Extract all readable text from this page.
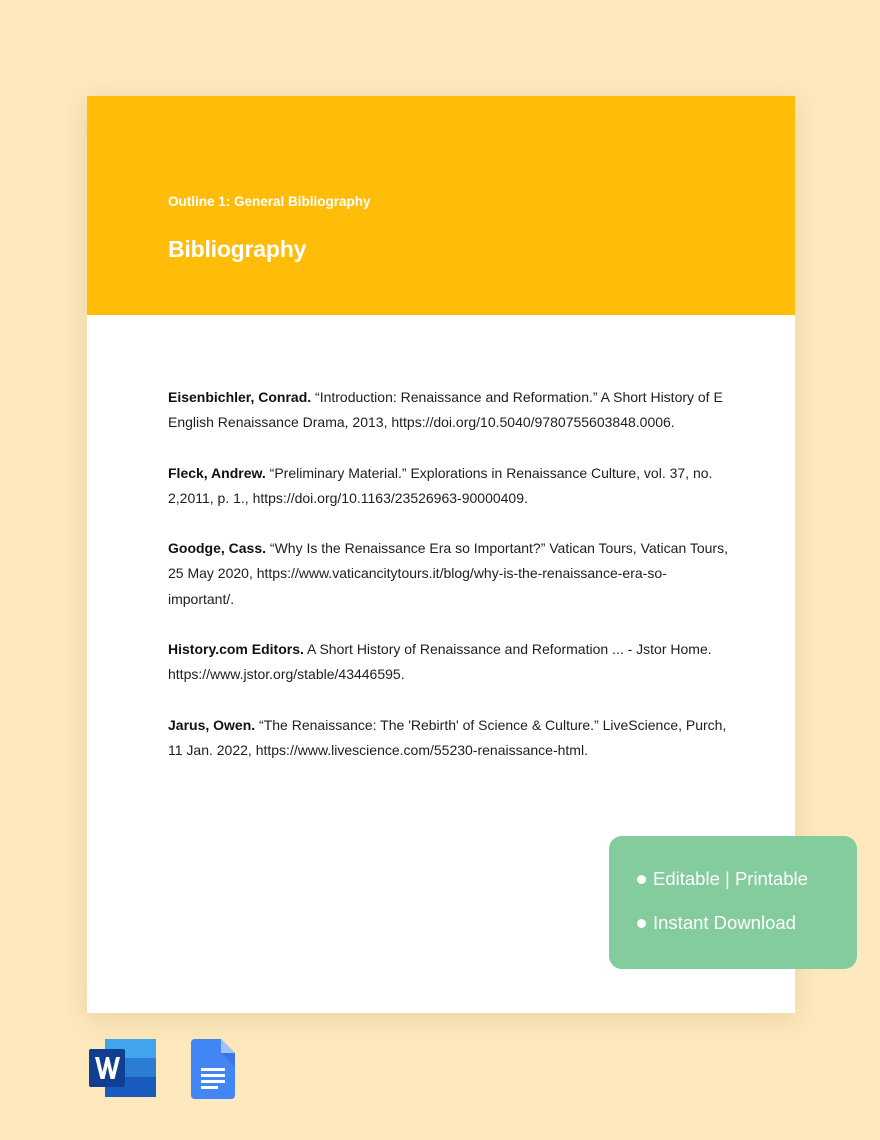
Outline 1: General Bibliography
Bibliography

Eisenbichler, Conrad. “Introduction: Renaissance and Reformation.” A Short History of E English Renaissance Drama, 2013, https://doi.org/10.5040/9780755603848.0006.

Fleck, Andrew. “Preliminary Material.” Explorations in Renaissance Culture, vol. 37, no. 2,2011, p. 1., https://doi.org/10.1163/23526963-90000409.

Goodge, Cass. “Why Is the Renaissance Era so Important?” Vatican Tours, Vatican Tours, 25 May 2020, https://www.vaticancitytours.it/blog/why-is-the-renaissance-era-so-important/.

History.com Editors. A Short History of Renaissance and Reformation ... - Jstor Home. https://www.jstor.org/stable/43446595.

Jarus, Owen. “The Renaissance: The 'Rebirth' of Science & Culture.” LiveScience, Purch, 11 Jan. 2022, https://www.livescience.com/55230-renaissance-html.

Editable | Printable
Instant Download
